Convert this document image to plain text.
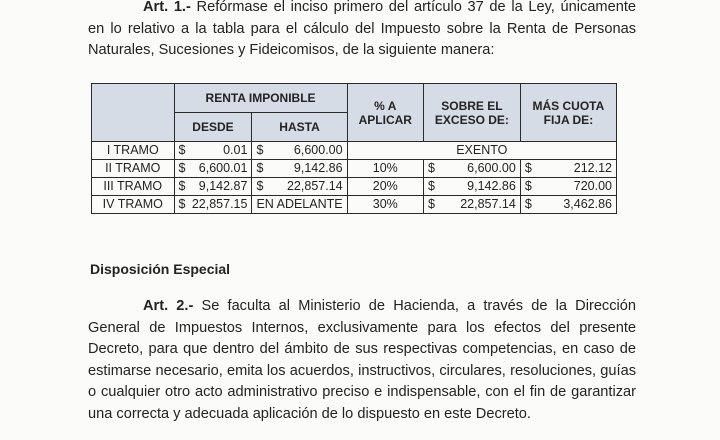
Art. 1.- Refórmase el inciso primero del artículo 37 de la Ley, únicamente en lo relativo a la tabla para el cálculo del Impuesto sobre la Renta de Personas Naturales, Sucesiones y Fideicomisos, de la siguiente manera:

	RENTA IMPONIBLE		% A APLICAR	SOBRE EL EXCESO DE:	MÁS CUOTA FIJA DE:
	DESDE	HASTA			
I TRAMO	$ 0.01	$ 6,600.00	EXENTO		
II TRAMO	$ 6,600.01	$ 9,142.86	10%	$ 6,600.00	$ 212.12

III TRAMO	$ 9,142.87	$ 22,857.14	20%	$ 9,142.86	$ 720.00

IV TRAMO	$ 22,857.15	EN ADELANTE	30%	$ 22,857.14	$ 3,462.86

Disposición Especial

Art. 2.- Se faculta al Ministerio de Hacienda, a través de la Dirección General de Impuestos Internos, exclusivamente para los efectos del presente Decreto, para que dentro del ámbito de sus respectivas competencias, en caso de estimarse necesario, emita los acuerdos, instructivos, circulares, resoluciones, guías o cualquier otro acto administrativo preciso e indispensable, con el fin de garantizar una correcta y adecuada aplicación de lo dispuesto en este Decreto.
